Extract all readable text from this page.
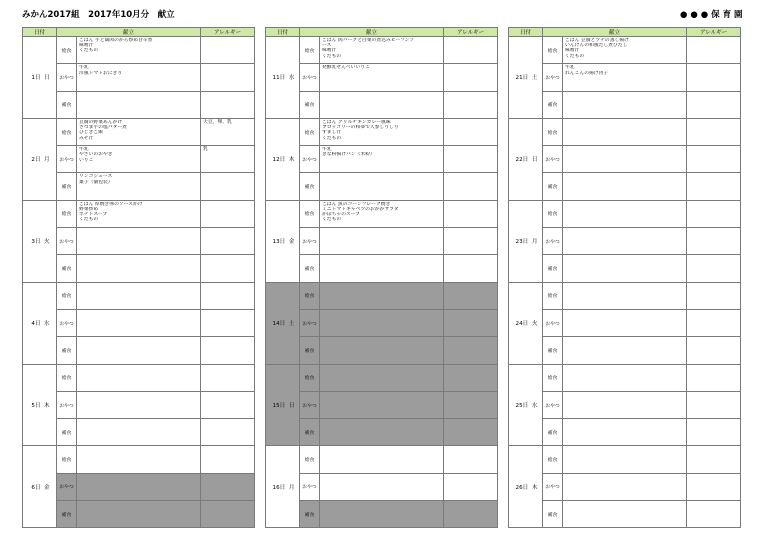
みかん2017組　2017年10月分　献立	● ● ● 保 育 園
日付	献立		アレルギー
1日 日	給食	ごはん 芋と鶏肉のから炒め甘辛煮
味噌汁
くだもの	

	おやつ	牛乳
洋風トマトおにぎり	

	補食		
2日 月	給食	豆腐の野菜あんかけ
さつま芋の塩バター煮
ひじきご飯
みそ汁	大豆、卵、乳
	おやつ	牛乳
やさいのおやき
いりこ	乳
	補食	リンゴジュース
菓子（個包装）	

3日 火	給食	ごはん 厚焼き卵のソースかけ
野菜炒め
ポテトスープ
くだもの	

	おやつ		
	補食		
4日 水	給食		
	おやつ		
	補食		
5日 木	給食		
	おやつ		
	補食		
6日 金	給食		
	おやつ		
	補食		
日付	献立		アレルギー
11日 水	給食	ごはん 肉バーグと白菜の煮込みビーフンソ
ース
味噌汁
くだもの	

	おやつ	発酵乳せんべいいりこ	

	補食		
12日 木	給食	ごはん グリルチキンカレー風味
ブロッコリーの和ゆで人参しりしり
すまし汁
くだもの	

	おやつ	牛乳
きな粉揚げパン（米粉）	

	補食		
13日 金	給食	ごはん 魚のコーンフレーク焼き
ミニトマトキャベツのおかかサラダ
かぼちゃのスープ
くだもの	

	おやつ		
	補食		
14日 土	給食		
	おやつ		
	補食		
15日 日	給食		
	おやつ		
	補食		
16日 月	給食		
	おやつ		
	補食		
日付	献立		アレルギー
21日 土	給食	ごはん 豆腐とツナの蒸し揚げ
いんげんの和風だし煮びたし
味噌汁
くだもの	

	おやつ	牛乳
れんこんの揚げ団子	

	補食		
22日 日	給食		
	おやつ		
	補食		
23日 月	給食		
	おやつ		
	補食		
24日 火	給食		
	おやつ		
	補食		
25日 水	給食		
	おやつ		
	補食		
26日 木	給食		
	おやつ		
	補食		
